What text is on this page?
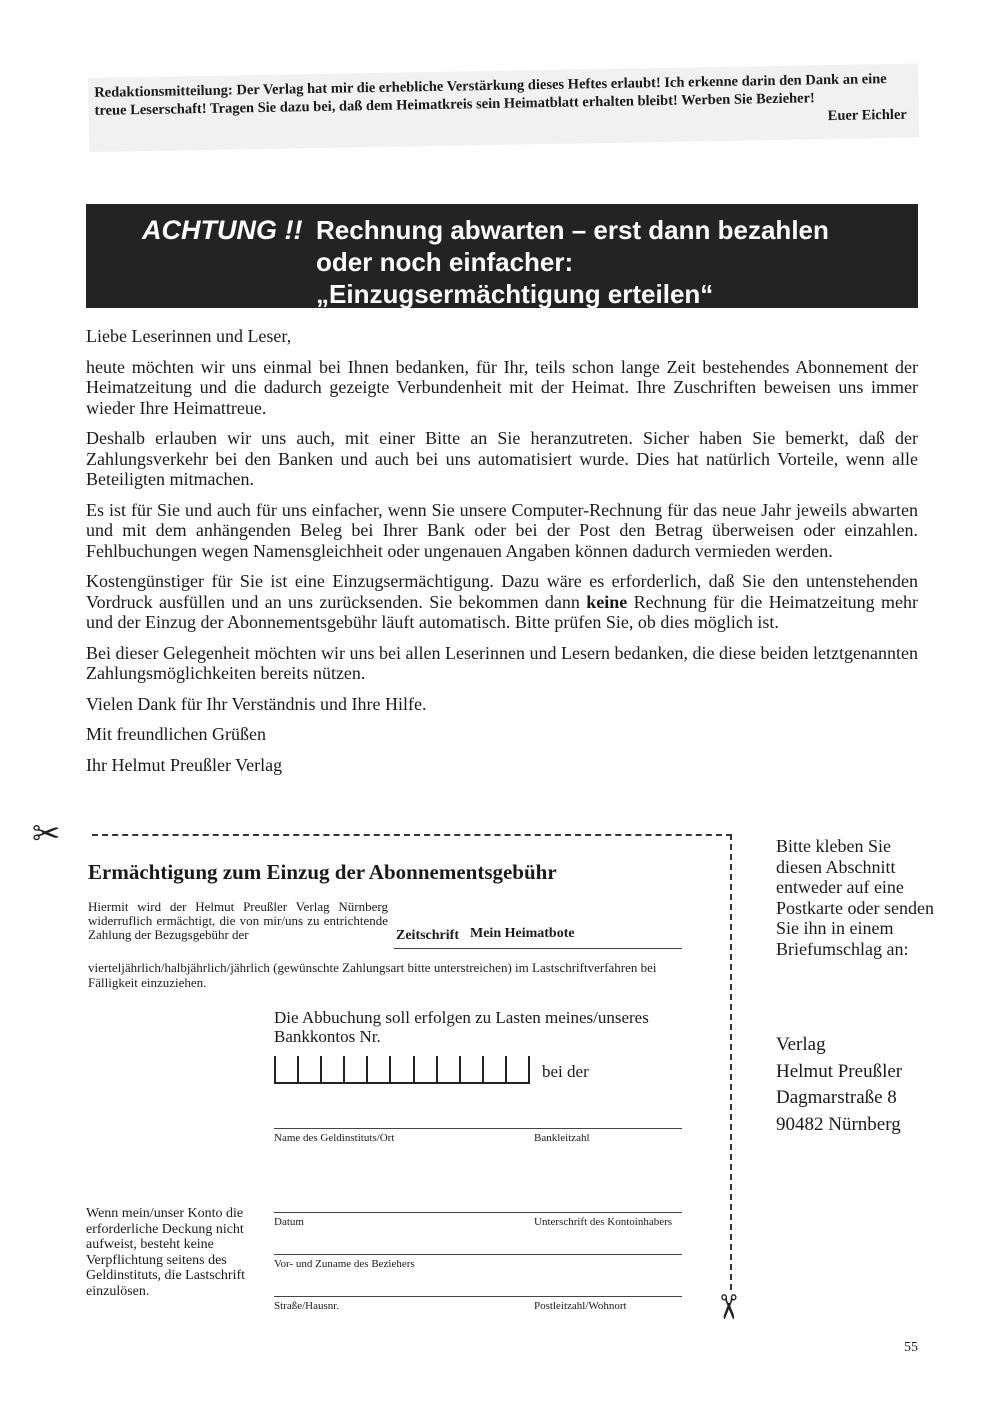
Redaktionsmitteilung: Der Verlag hat mir die erhebliche Verstärkung dieses Heftes erlaubt! Ich erkenne darin den Dank an eine treue Leserschaft! Tragen Sie dazu bei, daß dem Heimatkreis sein Heimatblatt erhalten bleibt! Werben Sie Bezieher! Euer Eichler
ACHTUNG !! Rechnung abwarten – erst dann bezahlen
oder noch einfacher:
„Einzugsermächtigung erteilen“

Liebe Leserinnen und Leser,

heute möchten wir uns einmal bei Ihnen bedanken, für Ihr, teils schon lange Zeit bestehendes Abonnement der Heimatzeitung und die dadurch gezeigte Verbundenheit mit der Heimat. Ihre Zuschriften beweisen uns immer wieder Ihre Heimattreue.

Deshalb erlauben wir uns auch, mit einer Bitte an Sie heranzutreten. Sicher haben Sie bemerkt, daß der Zahlungsverkehr bei den Banken und auch bei uns automatisiert wurde. Dies hat natürlich Vorteile, wenn alle Beteiligten mitmachen.

Es ist für Sie und auch für uns einfacher, wenn Sie unsere Computer-Rechnung für das neue Jahr jeweils abwarten und mit dem anhängenden Beleg bei Ihrer Bank oder bei der Post den Betrag überweisen oder einzahlen. Fehlbuchungen wegen Namensgleichheit oder ungenauen Angaben können dadurch vermieden werden.

Kostengünstiger für Sie ist eine Einzugsermächtigung. Dazu wäre es erforderlich, daß Sie den untenstehenden Vordruck ausfüllen und an uns zurücksenden. Sie bekommen dann keine Rechnung für die Heimatzeitung mehr und der Einzug der Abonnementsgebühr läuft automatisch. Bitte prüfen Sie, ob dies möglich ist.

Bei dieser Gelegenheit möchten wir uns bei allen Leserinnen und Lesern bedanken, die diese beiden letztgenannten Zahlungsmöglichkeiten bereits nützen.

Vielen Dank für Ihr Verständnis und Ihre Hilfe.

Mit freundlichen Grüßen

Ihr Helmut Preußler Verlag

✂
✂
Ermächtigung zum Einzug der Abonnementsgebühr
Hiermit wird der Helmut Preußler Verlag Nürnberg widerruflich ermächtigt, die von mir/uns zu entrichtende Zahlung der Bezugsgebühr der	Zeitschrift Mein Heimatbote
vierteljährlich/halbjährlich/jährlich (gewünschte Zahlungsart bitte unterstreichen) im Lastschriftverfahren bei Fälligkeit einzuziehen.
Die Abbuchung soll erfolgen zu Lasten meines/unseres Bankkontos Nr.
bei der
Name des Geldinstituts/Ort	Bankleitzahl
Datum	Unterschrift des Kontoinhabers
Vor- und Zuname des Beziehers
Straße/Hausnr.	Postleitzahl/Wohnort
Wenn mein/unser Konto die erforderliche Deckung nicht aufweist, besteht keine Verpflichtung seitens des Geldinstituts, die Lastschrift einzulösen.
Bitte kleben Sie diesen Abschnitt entweder auf eine Postkarte oder senden Sie ihn in einem Briefumschlag an:
Verlag
Helmut Preußler
Dagmarstraße 8
90482 Nürnberg
55
